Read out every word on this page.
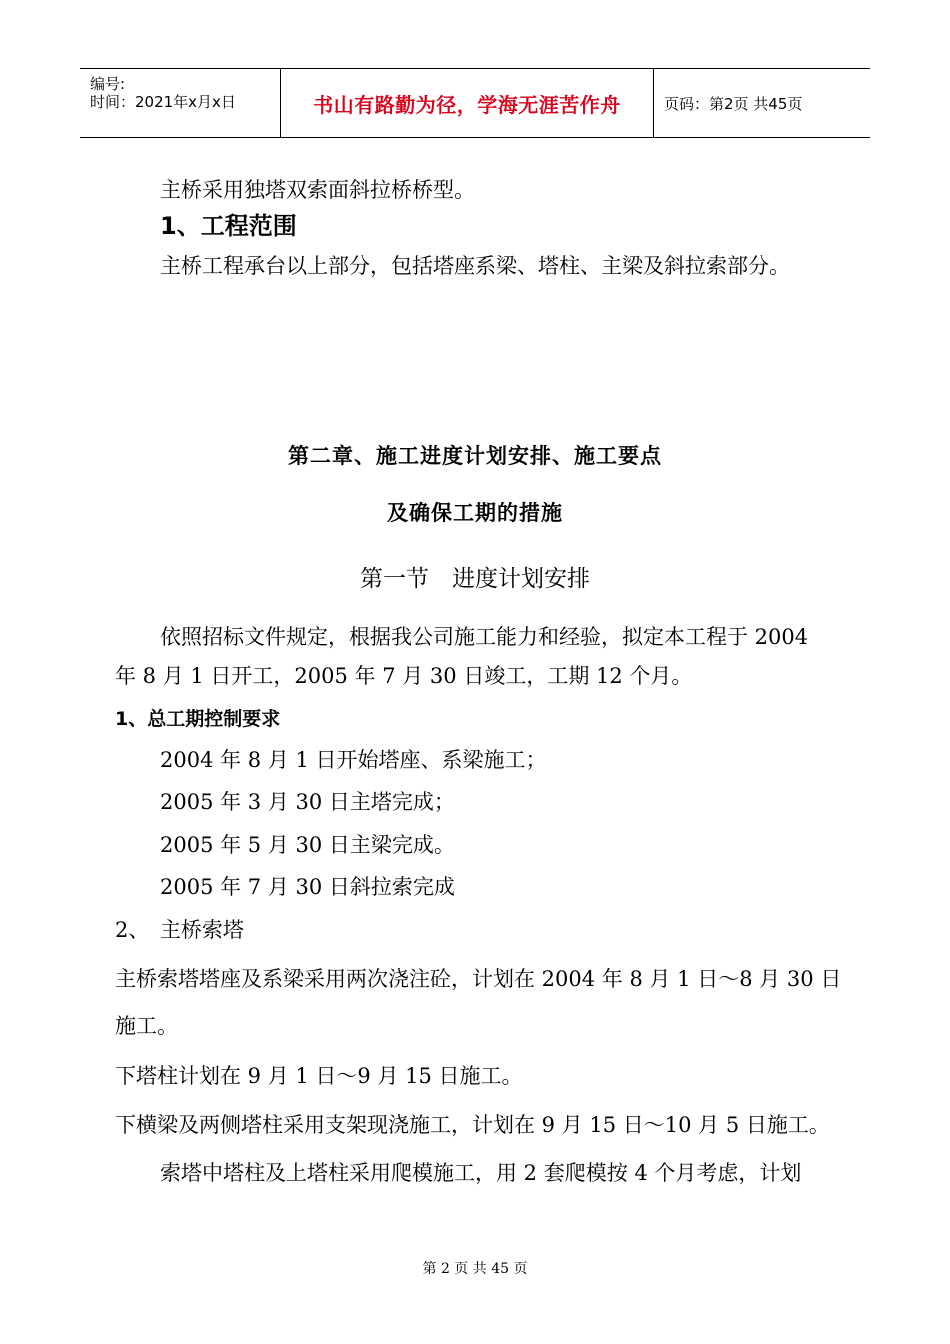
编号:
时间：2021年x月x日	书山有路勤为径，学海无涯苦作舟	页码：第2页 共45页
主桥采用独塔双索面斜拉桥桥型。
1、工程范围
主桥工程承台以上部分，包括塔座系梁、塔柱、主梁及斜拉索部分。
第二章、施工进度计划安排、施工要点
及确保工期的措施
第一节　进度计划安排
依照招标文件规定，根据我公司施工能力和经验，拟定本工程于 2004
年 8 月 1 日开工，2005 年 7 月 30 日竣工，工期 12 个月。
1、总工期控制要求
2004 年 8 月 1 日开始塔座、系梁施工；
2005 年 3 月 30 日主塔完成；
2005 年 5 月 30 日主梁完成。
2005 年 7 月 30 日斜拉索完成
2、　主桥索塔
主桥索塔塔座及系梁采用两次浇注砼，计划在 2004 年 8 月 1 日～8 月 30 日
施工。
下塔柱计划在 9 月 1 日～9 月 15 日施工。
下横梁及两侧塔柱采用支架现浇施工，计划在 9 月 15 日～10 月 5 日施工。
索塔中塔柱及上塔柱采用爬模施工，用 2 套爬模按 4 个月考虑，计划
第 2 页 共 45 页
